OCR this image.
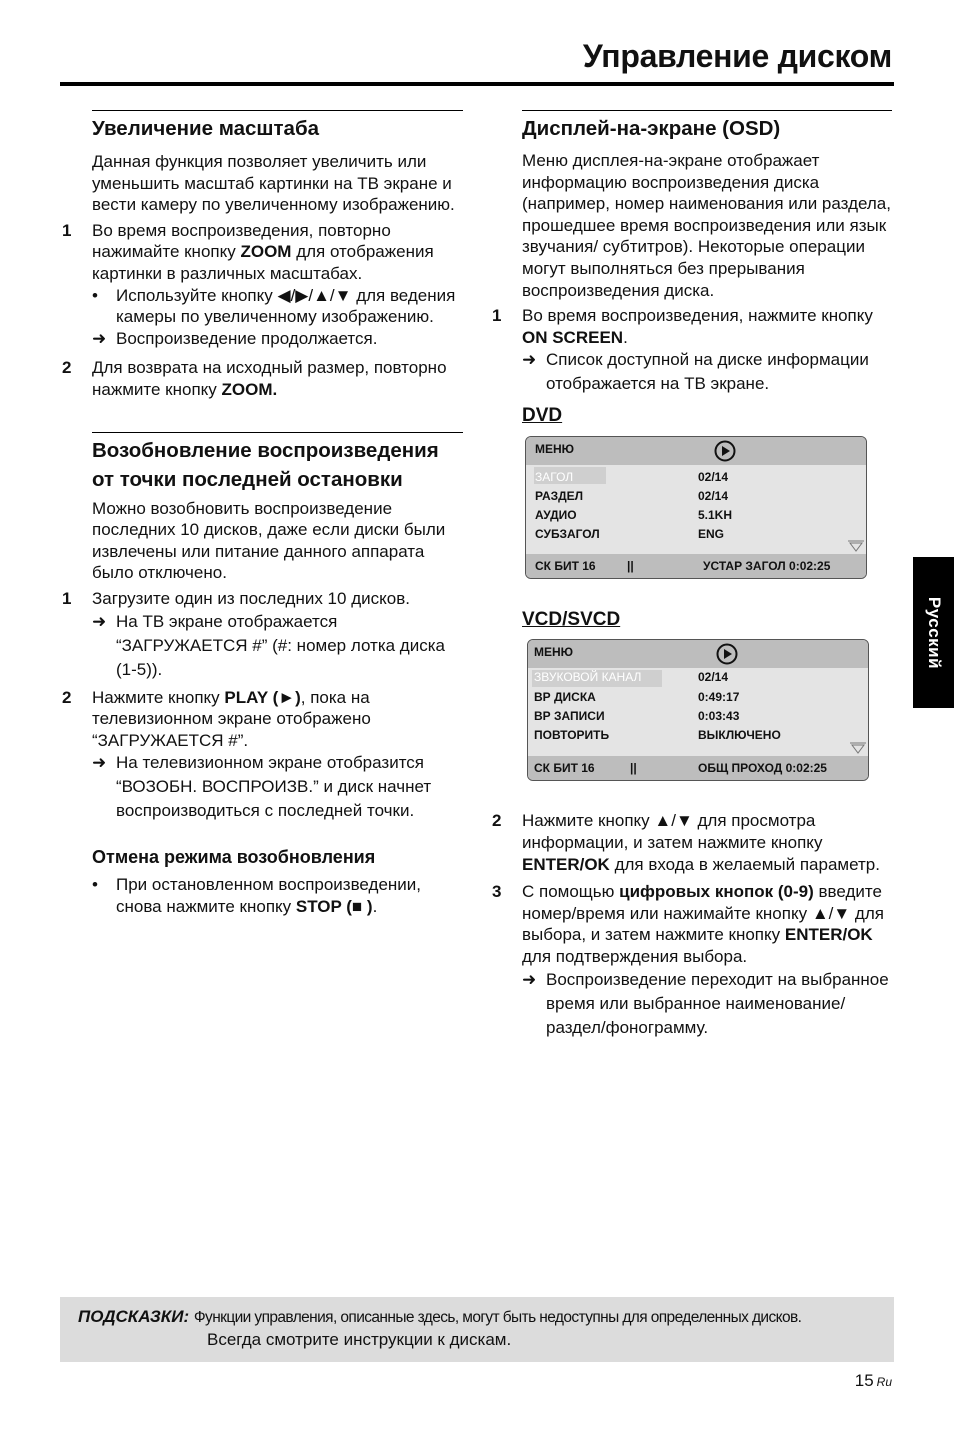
Управление диском
Увеличение масштаба

Данная функция позволяет увеличить или уменьшить масштаб картинки на ТВ экране и вести камеру по увеличенному изображению.

1 Во время воспроизведения, повторно нажимайте кнопку ZOOM для отображения картинки в различных масштабах.
• Используйте кнопку ◀/▶/▲/▼ для ведения камеры по увеличенному изображению.
➜ Воспроизведение продолжается.
2 Для возврата на исходный размер, повторно нажмите кнопку ZOOM.
Возобновление воспроизведения от точки последней остановки

Можно возобновить воспроизведение последних 10 дисков, даже если диски были извлечены или питание данного аппарата было отключено.

1 Загрузите один из последних 10 дисков.
➜ На ТВ экране отображается “ЗАГРУЖАЕТСЯ #” (#: номер лотка диска (1-5)).
2 Нажмите кнопку PLAY (►), пока на телевизионном экране отображено “ЗАГРУЖАЕТСЯ #”.
➜ На телевизионном экране отобразится “ВОЗОБН. ВОСПРОИЗВ.” и диск начнет воспроизводиться с последней точки.
Отмена режима возобновления
• При остановленном воспроизведении, снова нажмите кнопку STOP (■ ).
Дисплей-на-экране (OSD)

Меню дисплея-на-экране отображает информацию воспроизведения диска (например, номер наименования или раздела, прошедшее время воспроизведения или язык звучания/ субтитров). Некоторые операции могут выполняться без прерывания воспроизведения диска.

1 Во время воспроизведения, нажмите кнопку ON SCREEN.
➜ Список доступной на диске информации отображается на ТВ экране.
DVD
МЕНЮ
ЗАГОЛ	02/14
РАЗДЕЛ	02/14
АУДИО	5.1KH
СУБЗАГОЛ	ENG
СК БИТ 16	||	УСТАР ЗАГОЛ 0:02:25
VCD/SVCD
МЕНЮ
ЗВУКОВОЙ КАНАЛ	02/14
ВР ДИСКА	0:49:17
ВР ЗАПИСИ	0:03:43
ПОВТОРИТЬ	ВЫКЛЮЧЕНО
СК БИТ 16	||	ОБЩ ПРОХОД 0:02:25
2 Нажмите кнопку ▲/▼ для просмотра информации, и затем нажмите кнопку ENTER/OK для входа в желаемый параметр.
3 С помощью цифровых кнопок (0-9) введите номер/время или нажимайте кнопку ▲/▼ для выбора, и затем нажмите кнопку ENTER/OK для подтверждения выбора.
➜ Воспроизведение переходит на выбранное время или выбранное наименование/раздел/фонограмму.
Русский
ПОДСКАЗКИ: Функции управления, описанные здесь, могут быть недоступны для определенных дисков.
Всегда смотрите инструкции к дискам.
15 Ru
